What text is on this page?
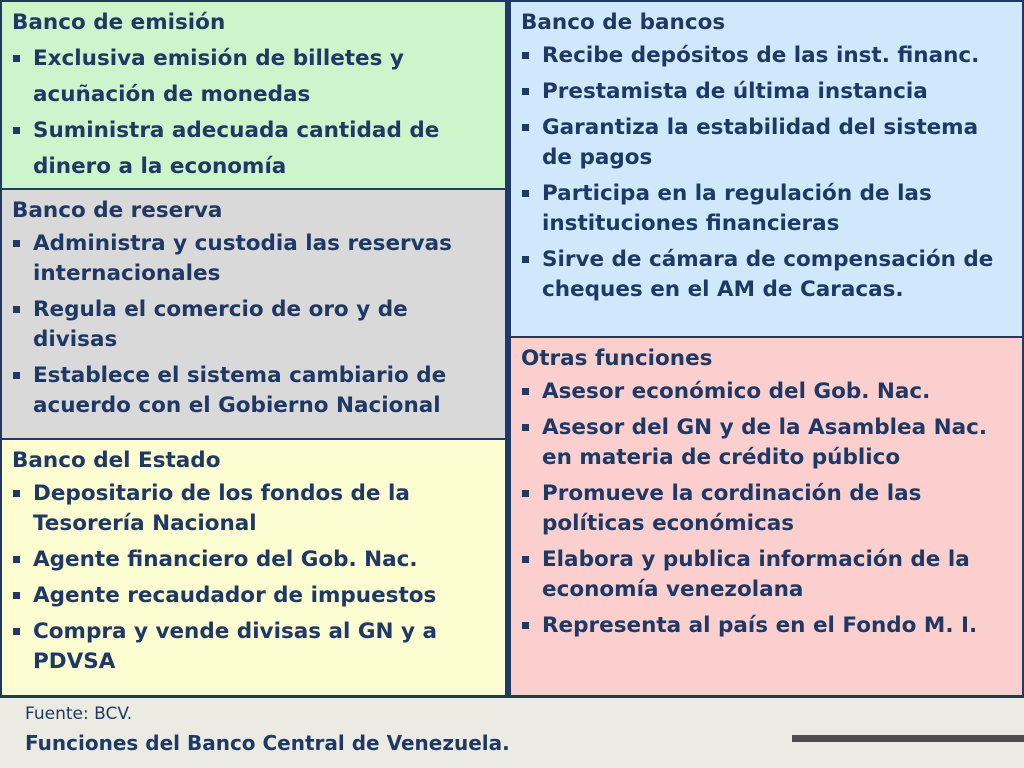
Banco de emisión
Exclusiva emisión de billetes y acuñación de monedas
Suministra adecuada cantidad de dinero a la economía
Banco de reserva
Administra y custodia las reservas internacionales
Regula el comercio de oro y de divisas
Establece el sistema cambiario de acuerdo con el Gobierno Nacional
Banco del Estado
Depositario de los fondos de la Tesorería Nacional
Agente financiero del Gob. Nac.
Agente recaudador de impuestos
Compra y vende divisas al GN y a PDVSA
Banco de bancos
Recibe depósitos de las inst. financ.
Prestamista de última instancia
Garantiza la estabilidad del sistema de pagos
Participa en la regulación de las instituciones financieras
Sirve de cámara de compensación de cheques en el AM de Caracas.
Otras funciones
Asesor económico del Gob. Nac.
Asesor del GN y de la Asamblea Nac. en materia de crédito público
Promueve la cordinación de las políticas económicas
Elabora y publica información de la economía venezolana
Representa al país en el Fondo M. I.
Fuente: BCV.
Funciones del Banco Central de Venezuela.
